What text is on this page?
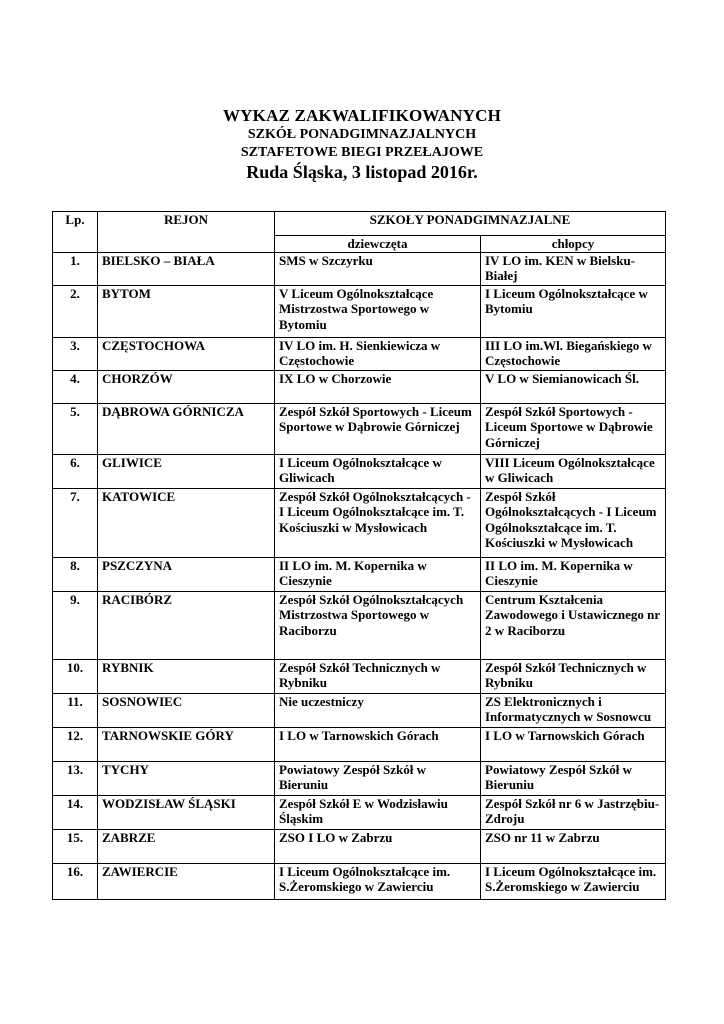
WYKAZ ZAKWALIFIKOWANYCH
SZKÓŁ PONADGIMNAZJALNYCH
SZTAFETOWE BIEGI PRZEŁAJOWE
Ruda Śląska, 3 listopad 2016r.
Lp.	REJON	SZKOŁY PONADGIMNAZJALNE	
		dziewczęta	chłopcy
1.	BIELSKO – BIAŁA	SMS w Szczyrku	IV LO im. KEN w Bielsku-Białej
2.	BYTOM	V Liceum Ogólnokształcące Mistrzostwa Sportowego w Bytomiu	I Liceum Ogólnokształcące w Bytomiu
3.	CZĘSTOCHOWA	IV LO im. H. Sienkiewicza w Częstochowie	III LO im.Wl. Biegańskiego w Częstochowie
4.	CHORZÓW	IX LO w Chorzowie	V LO w Siemianowicach Śl.
5.	DĄBROWA GÓRNICZA	Zespół Szkół Sportowych - Liceum Sportowe w Dąbrowie Górniczej	Zespół Szkół Sportowych - Liceum Sportowe w Dąbrowie Górniczej
6.	GLIWICE	I Liceum Ogólnokształcące w Gliwicach	VIII Liceum Ogólnokształcące w Gliwicach
7.	KATOWICE	Zespół Szkół Ogólnokształcących - I Liceum Ogólnokształcące im. T. Kościuszki w Mysłowicach	Zespół Szkół Ogólnokształcących - I Liceum Ogólnokształcące im. T. Kościuszki w Mysłowicach
8.	PSZCZYNA	II LO im. M. Kopernika w Cieszynie	II LO im. M. Kopernika w Cieszynie
9.	RACIBÓRZ	Zespół Szkół Ogólnokształcących Mistrzostwa Sportowego w Raciborzu	Centrum Kształcenia Zawodowego i Ustawicznego nr 2 w Raciborzu
10.	RYBNIK	Zespół Szkół Technicznych w Rybniku	Zespół Szkół Technicznych w Rybniku
11.	SOSNOWIEC	Nie uczestniczy	ZS Elektronicznych i Informatycznych w Sosnowcu
12.	TARNOWSKIE GÓRY	I LO w Tarnowskich Górach	I LO w Tarnowskich Górach
13.	TYCHY	Powiatowy Zespół Szkół w Bieruniu	Powiatowy Zespół Szkół w Bieruniu
14.	WODZISŁAW ŚLĄSKI	Zespół Szkół E w Wodzisławiu Śląskim	Zespół Szkół nr 6 w Jastrzębiu-Zdroju
15.	ZABRZE	ZSO I LO w Zabrzu	ZSO nr 11 w Zabrzu
16.	ZAWIERCIE	I Liceum Ogólnokształcące im. S.Żeromskiego w Zawierciu	I Liceum Ogólnokształcące im. S.Żeromskiego w Zawierciu
